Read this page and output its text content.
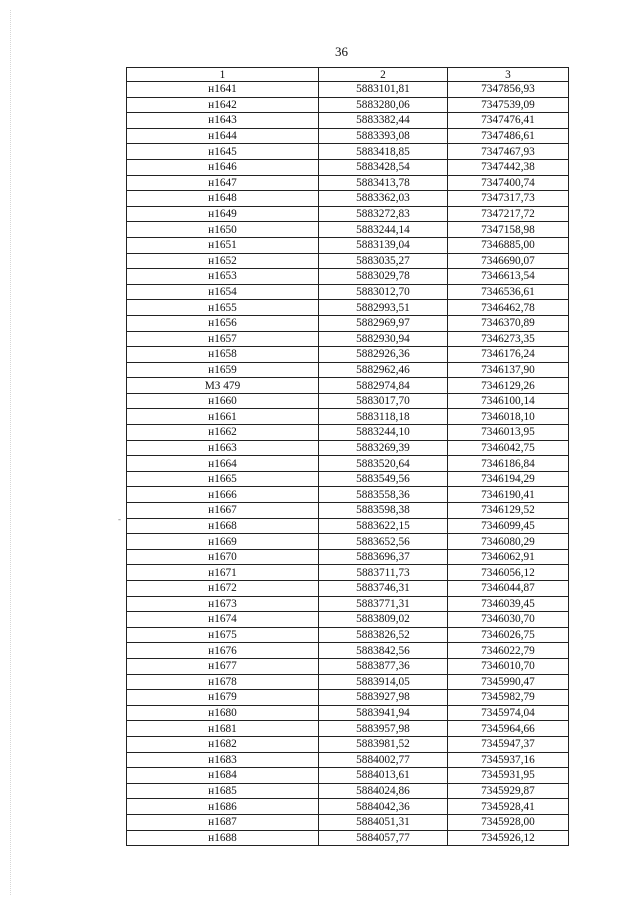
-
36
1	2	3
н1641	5883101,81	7347856,93
н1642	5883280,06	7347539,09
н1643	5883382,44	7347476,41
н1644	5883393,08	7347486,61
н1645	5883418,85	7347467,93
н1646	5883428,54	7347442,38
н1647	5883413,78	7347400,74
н1648	5883362,03	7347317,73
н1649	5883272,83	7347217,72
н1650	5883244,14	7347158,98
н1651	5883139,04	7346885,00
н1652	5883035,27	7346690,07
н1653	5883029,78	7346613,54
н1654	5883012,70	7346536,61
н1655	5882993,51	7346462,78
н1656	5882969,97	7346370,89
н1657	5882930,94	7346273,35
н1658	5882926,36	7346176,24
н1659	5882962,46	7346137,90
МЗ 479	5882974,84	7346129,26
н1660	5883017,70	7346100,14
н1661	5883118,18	7346018,10
н1662	5883244,10	7346013,95
н1663	5883269,39	7346042,75
н1664	5883520,64	7346186,84
н1665	5883549,56	7346194,29
н1666	5883558,36	7346190,41
н1667	5883598,38	7346129,52
н1668	5883622,15	7346099,45
н1669	5883652,56	7346080,29
н1670	5883696,37	7346062,91
н1671	5883711,73	7346056,12
н1672	5883746,31	7346044,87
н1673	5883771,31	7346039,45
н1674	5883809,02	7346030,70
н1675	5883826,52	7346026,75
н1676	5883842,56	7346022,79
н1677	5883877,36	7346010,70
н1678	5883914,05	7345990,47
н1679	5883927,98	7345982,79
н1680	5883941,94	7345974,04
н1681	5883957,98	7345964,66
н1682	5883981,52	7345947,37
н1683	5884002,77	7345937,16
н1684	5884013,61	7345931,95
н1685	5884024,86	7345929,87
н1686	5884042,36	7345928,41
н1687	5884051,31	7345928,00
н1688	5884057,77	7345926,12
